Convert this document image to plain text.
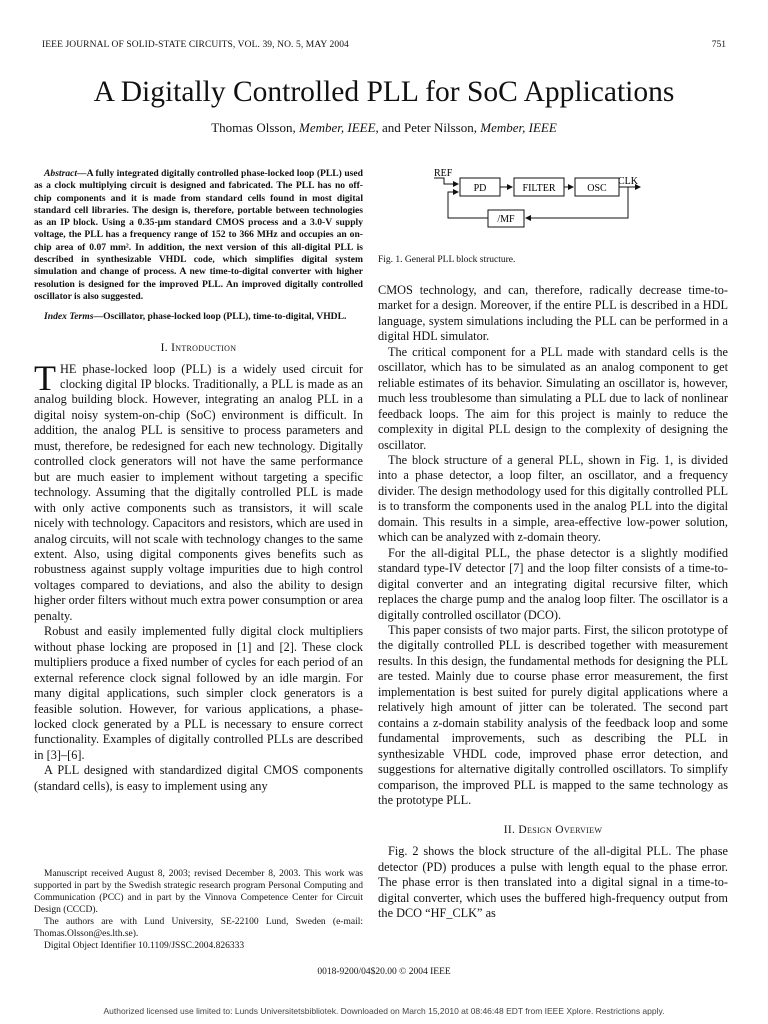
IEEE JOURNAL OF SOLID-STATE CIRCUITS, VOL. 39, NO. 5, MAY 2004	751
A Digitally Controlled PLL for SoC Applications
Thomas Olsson, Member, IEEE, and Peter Nilsson, Member, IEEE

Abstract—A fully integrated digitally controlled phase-locked loop (PLL) used as a clock multiplying circuit is designed and fabricated. The PLL has no off-chip components and it is made from standard cells found in most digital standard cell libraries. The design is, therefore, portable between technologies as an IP block. Using a 0.35-μm standard CMOS process and a 3.0-V supply voltage, the PLL has a frequency range of 152 to 366 MHz and occupies an on-chip area of 0.07 mm². In addition, the next version of this all-digital PLL is described in synthesizable VHDL code, which simplifies digital system simulation and change of process. A new time-to-digital converter with higher resolution is designed for the improved PLL. An improved digitally controlled oscillator is also suggested.

Index Terms—Oscillator, phase-locked loop (PLL), time-to-digital, VHDL.

I. Introduction

THE phase-locked loop (PLL) is a widely used circuit for clocking digital IP blocks. Traditionally, a PLL is made as an analog building block. However, integrating an analog PLL in a digital noisy system-on-chip (SoC) environment is difficult. In addition, the analog PLL is sensitive to process parameters and must, therefore, be redesigned for each new technology. Digitally controlled clock generators will not have the same performance but are much easier to implement without targeting a specific technology. Assuming that the digitally controlled PLL is made with only active components such as transistors, it will scale nicely with technology. Capacitors and resistors, which are used in analog circuits, will not scale with technology changes to the same extent. Also, using digital components gives benefits such as robustness against supply voltage impurities due to high control voltages compared to deviations, and also the ability to design higher order filters without much extra power consumption or area penalty.

Robust and easily implemented fully digital clock multipliers without phase locking are proposed in [1] and [2]. These clock multipliers produce a fixed number of cycles for each period of an external reference clock signal followed by an idle margin. For many digital applications, such simpler clock generators is a feasible solution. However, for various applications, a phase-locked clock generated by a PLL is necessary to ensure correct functionality. Examples of digitally controlled PLLs are described in [3]–[6].

A PLL designed with standardized digital CMOS components (standard cells), is easy to implement using any

Manuscript received August 8, 2003; revised December 8, 2003. This work was supported in part by the Swedish strategic research program Personal Computing and Communication (PCC) and in part by the Vinnova Competence Center for Circuit Design (CCCD).

The authors are with Lund University, SE-22100 Lund, Sweden (e-mail: Thomas.Olsson@es.lth.se).

Digital Object Identifier 10.1109/JSSC.2004.826333

REF
CLK
PD	FILTER	OSC
/MF

Fig. 1. General PLL block structure.

CMOS technology, and can, therefore, radically decrease time-to-market for a design. Moreover, if the entire PLL is described in a HDL language, system simulations including the PLL can be performed in a digital HDL simulator.

The critical component for a PLL made with standard cells is the oscillator, which has to be simulated as an analog component to get reliable estimates of its behavior. Simulating an oscillator is, however, much less troublesome than simulating a PLL due to lack of nonlinear feedback loops. The aim for this project is mainly to reduce the complexity in digital PLL design to the complexity of designing the oscillator.

The block structure of a general PLL, shown in Fig. 1, is divided into a phase detector, a loop filter, an oscillator, and a frequency divider. The design methodology used for this digitally controlled PLL is to transform the components used in the analog PLL into the digital domain. This results in a simple, area-effective low-power solution, which can be analyzed with z-domain theory.

For the all-digital PLL, the phase detector is a slightly modified standard type-IV detector [7] and the loop filter consists of a time-to-digital converter and an integrating digital recursive filter, which replaces the charge pump and the analog loop filter. The oscillator is a digitally controlled oscillator (DCO).

This paper consists of two major parts. First, the silicon prototype of the digitally controlled PLL is described together with measurement results. In this design, the fundamental methods for designing the PLL are tested. Mainly due to course phase error measurement, the first implementation is best suited for purely digital applications where a relatively high amount of jitter can be tolerated. The second part contains a z-domain stability analysis of the feedback loop and some fundamental improvements, such as describing the PLL in synthesizable VHDL code, improved phase error detection, and suggestions for alternative digitally controlled oscillators. To simplify comparison, the improved PLL is mapped to the same technology as the prototype PLL.

II. Design Overview

Fig. 2 shows the block structure of the all-digital PLL. The phase detector (PD) produces a pulse with length equal to the phase error. The phase error is then translated into a digital signal in a time-to-digital converter, which uses the buffered high-frequency output from the DCO “HF_CLK” as

0018-9200/04$20.00 © 2004 IEEE
Authorized licensed use limited to: Lunds Universitetsbibliotek. Downloaded on March 15,2010 at 08:46:48 EDT from IEEE Xplore. Restrictions apply.
